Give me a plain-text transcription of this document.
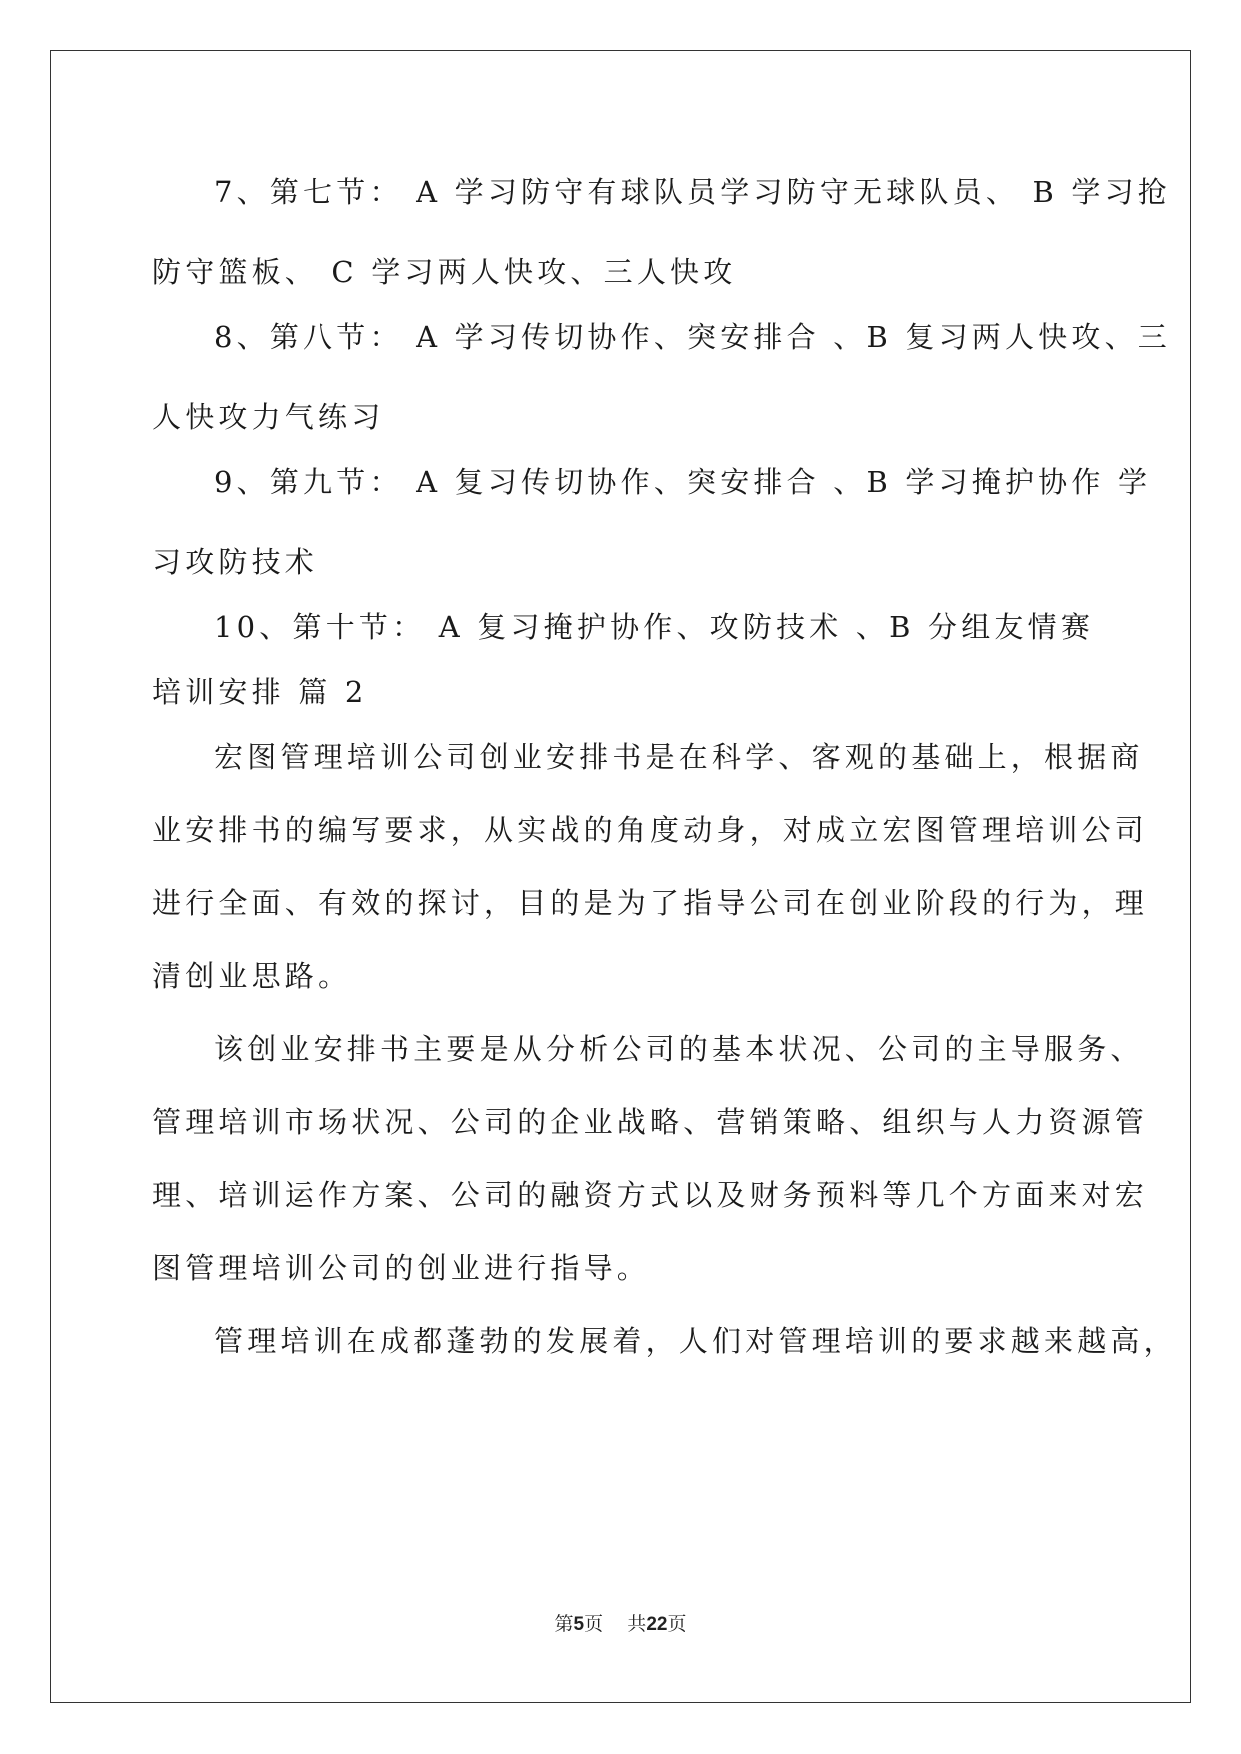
7、第七节： A 学习防守有球队员学习防守无球队员、 B 学习抢
防守篮板、 C 学习两人快攻、三人快攻
8、第八节： A 学习传切协作、突安排合 、B 复习两人快攻、三
人快攻力气练习
9、第九节： A 复习传切协作、突安排合 、B 学习掩护协作 学
习攻防技术
10、第十节： A 复习掩护协作、攻防技术 、B 分组友情赛
培训安排 篇 2
宏图管理培训公司创业安排书是在科学、客观的基础上，根据商
业安排书的编写要求，从实战的角度动身，对成立宏图管理培训公司
进行全面、有效的探讨，目的是为了指导公司在创业阶段的行为，理
清创业思路。
该创业安排书主要是从分析公司的基本状况、公司的主导服务、
管理培训市场状况、公司的企业战略、营销策略、组织与人力资源管
理、培训运作方案、公司的融资方式以及财务预料等几个方面来对宏
图管理培训公司的创业进行指导。
管理培训在成都蓬勃的发展着，人们对管理培训的要求越来越高，
第5页 共22页
